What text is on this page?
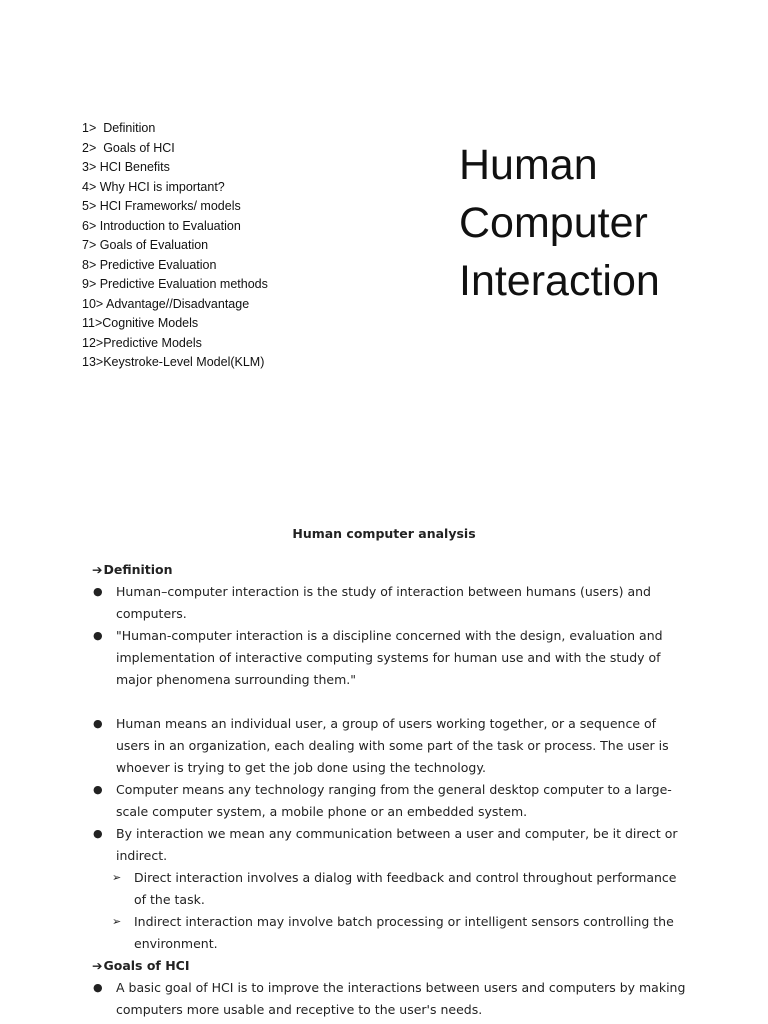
1>  Definition
2>  Goals of HCI
3> HCI Benefits
4> Why HCI is important?
5> HCI Frameworks/ models
6> Introduction to Evaluation
7> Goals of Evaluation
8> Predictive Evaluation
9> Predictive Evaluation methods
10> Advantage//Disadvantage
11>Cognitive Models
12>Predictive Models
13>Keystroke-Level Model(KLM)
Human
Computer
Interaction
Human computer analysis
➔ Definition
● Human–computer interaction is the study of interaction between humans (users) and computers.
● "Human-computer interaction is a discipline concerned with the design, evaluation and implementation of interactive computing systems for human use and with the study of major phenomena surrounding them."
● Human means an individual user, a group of users working together, or a sequence of users in an organization, each dealing with some part of the task or process. The user is whoever is trying to get the job done using the technology.
● Computer means any technology ranging from the general desktop computer to a large-scale computer system, a mobile phone or an embedded system.
● By interaction we mean any communication between a user and computer, be it direct or indirect.
➢ Direct interaction involves a dialog with feedback and control throughout performance of the task.
➢ Indirect interaction may involve batch processing or intelligent sensors controlling the environment.
➔ Goals of HCI
● A basic goal of HCI is to improve the interactions between users and computers by making computers more usable and receptive to the user's needs.
